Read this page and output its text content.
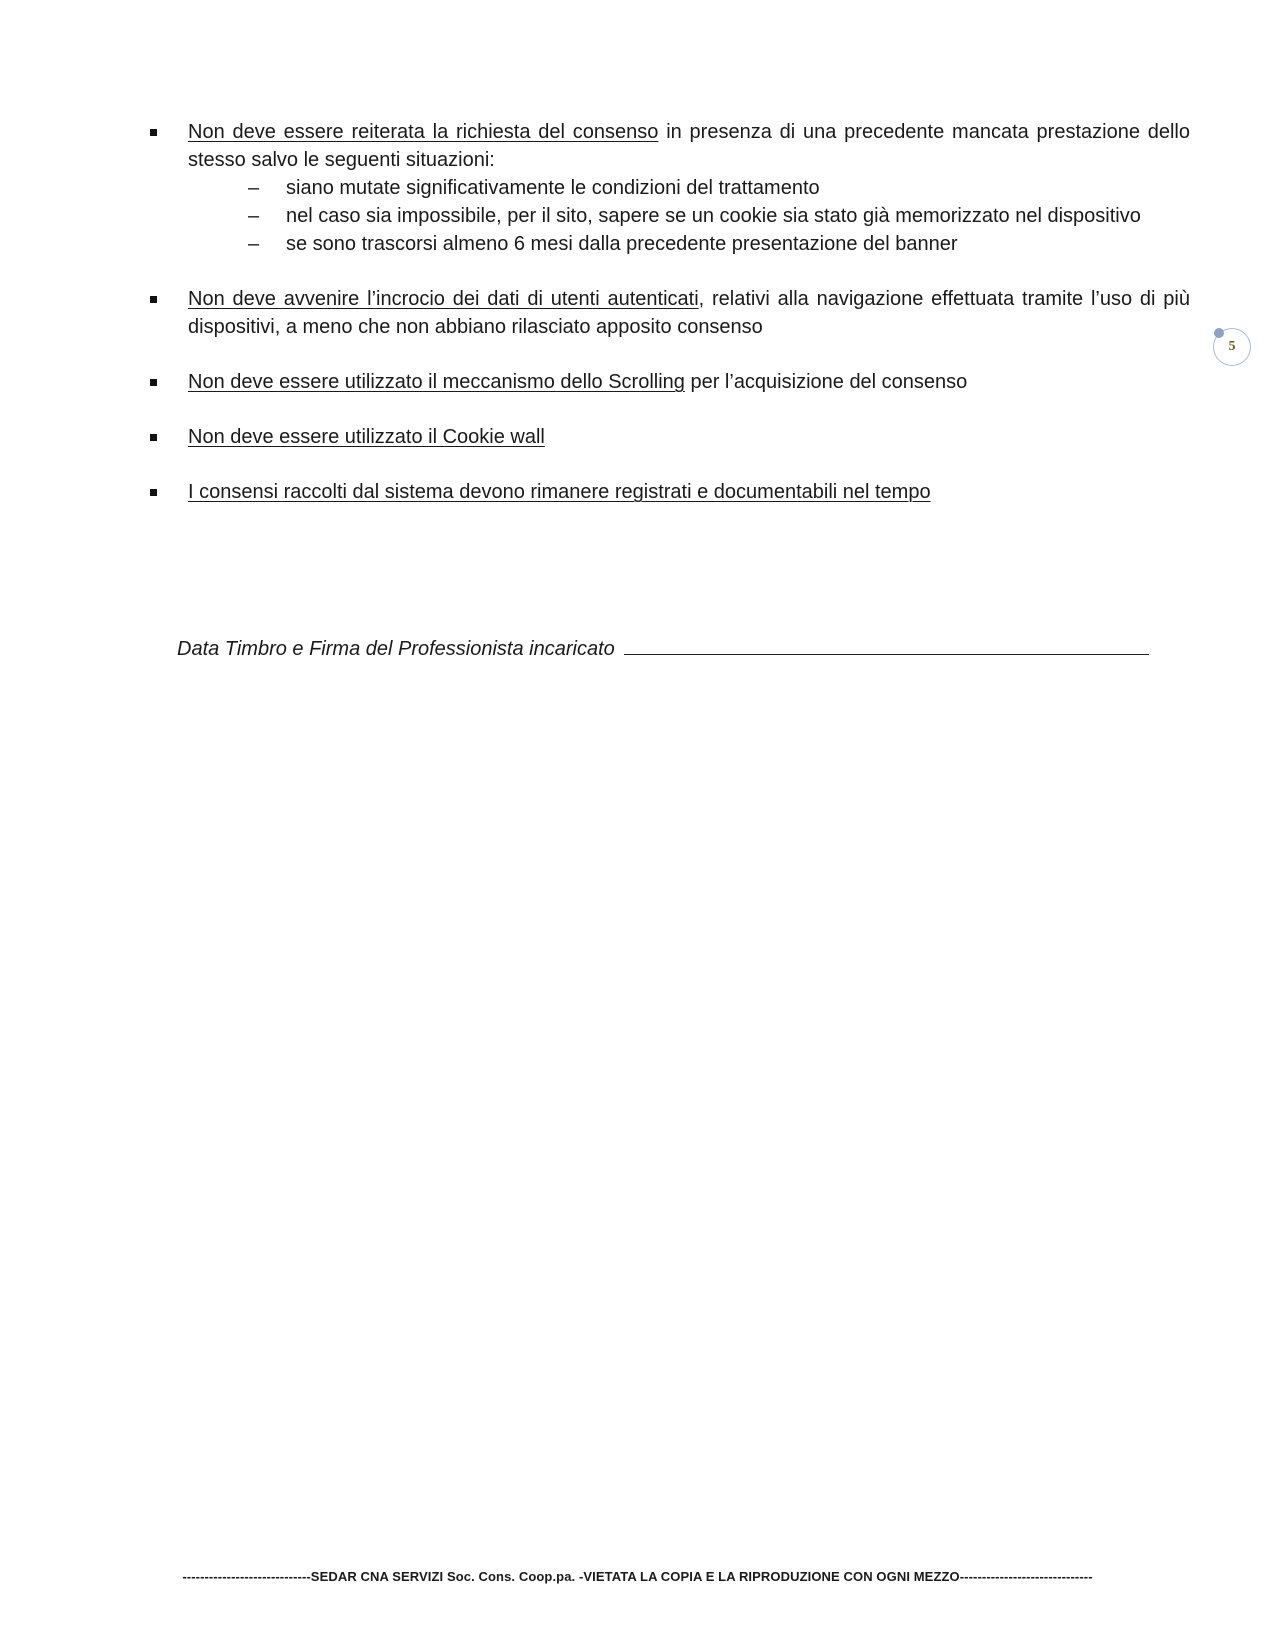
Non deve essere reiterata la richiesta del consenso in presenza di una precedente mancata prestazione dello stesso salvo le seguenti situazioni:
– siano mutate significativamente le condizioni del trattamento
– nel caso sia impossibile, per il sito, sapere se un cookie sia stato già memorizzato nel dispositivo
– se sono trascorsi almeno 6 mesi dalla precedente presentazione del banner
Non deve avvenire l’incrocio dei dati di utenti autenticati, relativi alla navigazione effettuata tramite l’uso di più dispositivi, a meno che non abbiano rilasciato apposito consenso
Non deve essere utilizzato il meccanismo dello Scrolling per l’acquisizione del consenso
Non deve essere utilizzato il Cookie wall
I consensi raccolti dal sistema devono rimanere registrati e documentabili nel tempo
Data Timbro e Firma del Professionista incaricato
5
-----------------------------SEDAR CNA SERVIZI Soc. Cons. Coop.pa. -VIETATA LA COPIA E LA RIPRODUZIONE CON OGNI MEZZO------------------------------
